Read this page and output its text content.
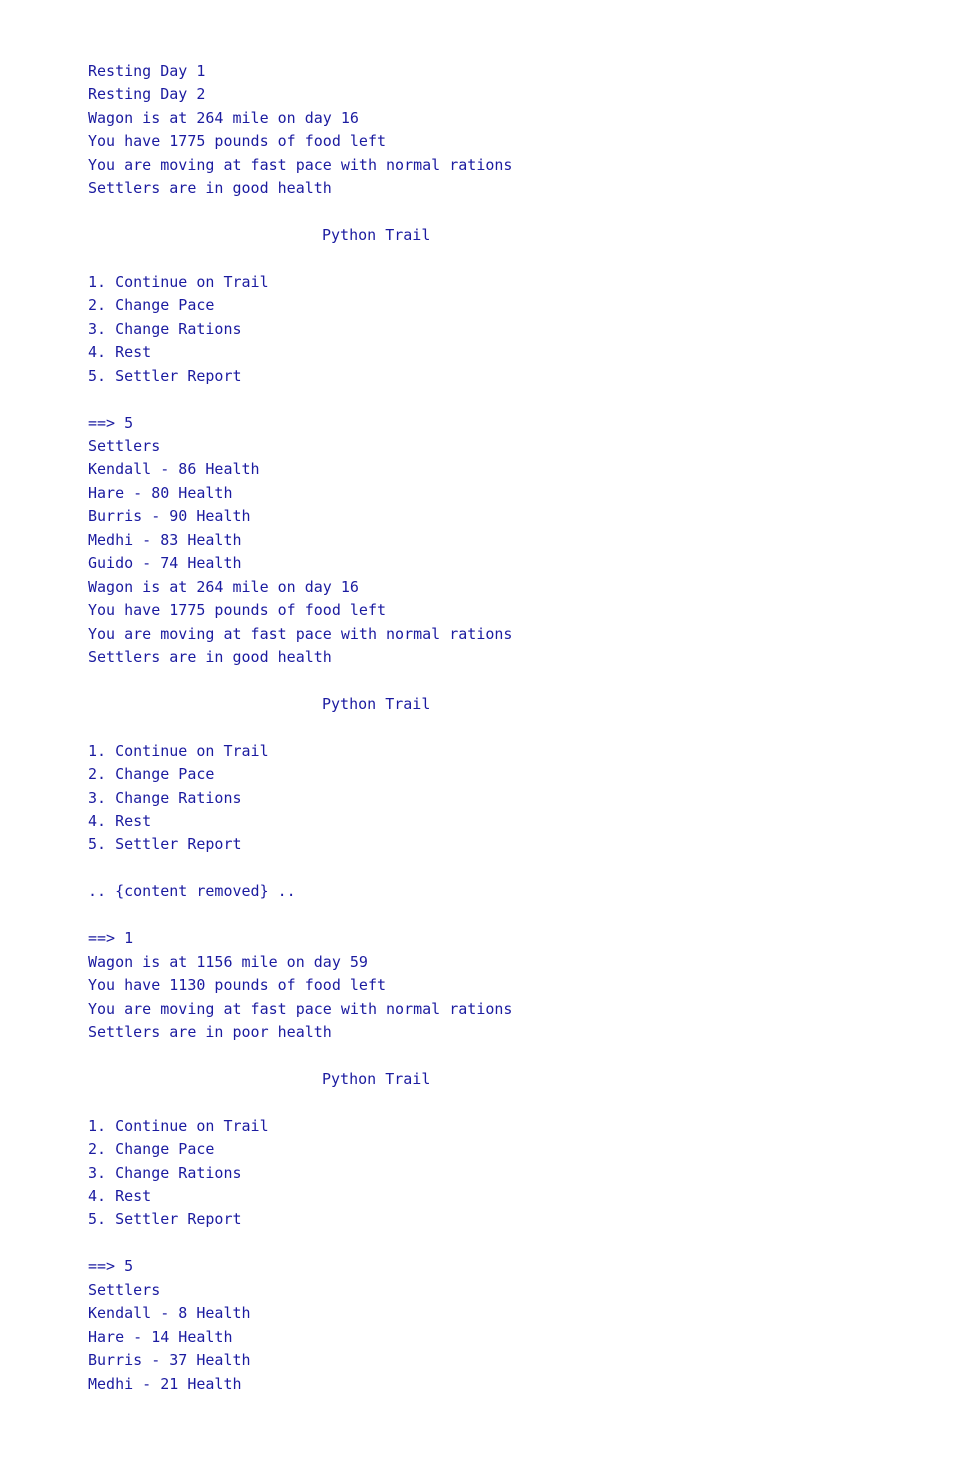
Resting Day 1
Resting Day 2
Wagon is at 264 mile on day 16
You have 1775 pounds of food left
You are moving at fast pace with normal rations
Settlers are in good health
Python Trail
1. Continue on Trail
2. Change Pace
3. Change Rations
4. Rest
5. Settler Report
==> 5
Settlers
Kendall - 86 Health
Hare - 80 Health
Burris - 90 Health
Medhi - 83 Health
Guido - 74 Health
Wagon is at 264 mile on day 16
You have 1775 pounds of food left
You are moving at fast pace with normal rations
Settlers are in good health
Python Trail
1. Continue on Trail
2. Change Pace
3. Change Rations
4. Rest
5. Settler Report
.. {content removed} ..
==> 1
Wagon is at 1156 mile on day 59
You have 1130 pounds of food left
You are moving at fast pace with normal rations
Settlers are in poor health
Python Trail
1. Continue on Trail
2. Change Pace
3. Change Rations
4. Rest
5. Settler Report
==> 5
Settlers
Kendall - 8 Health
Hare - 14 Health
Burris - 37 Health
Medhi - 21 Health
